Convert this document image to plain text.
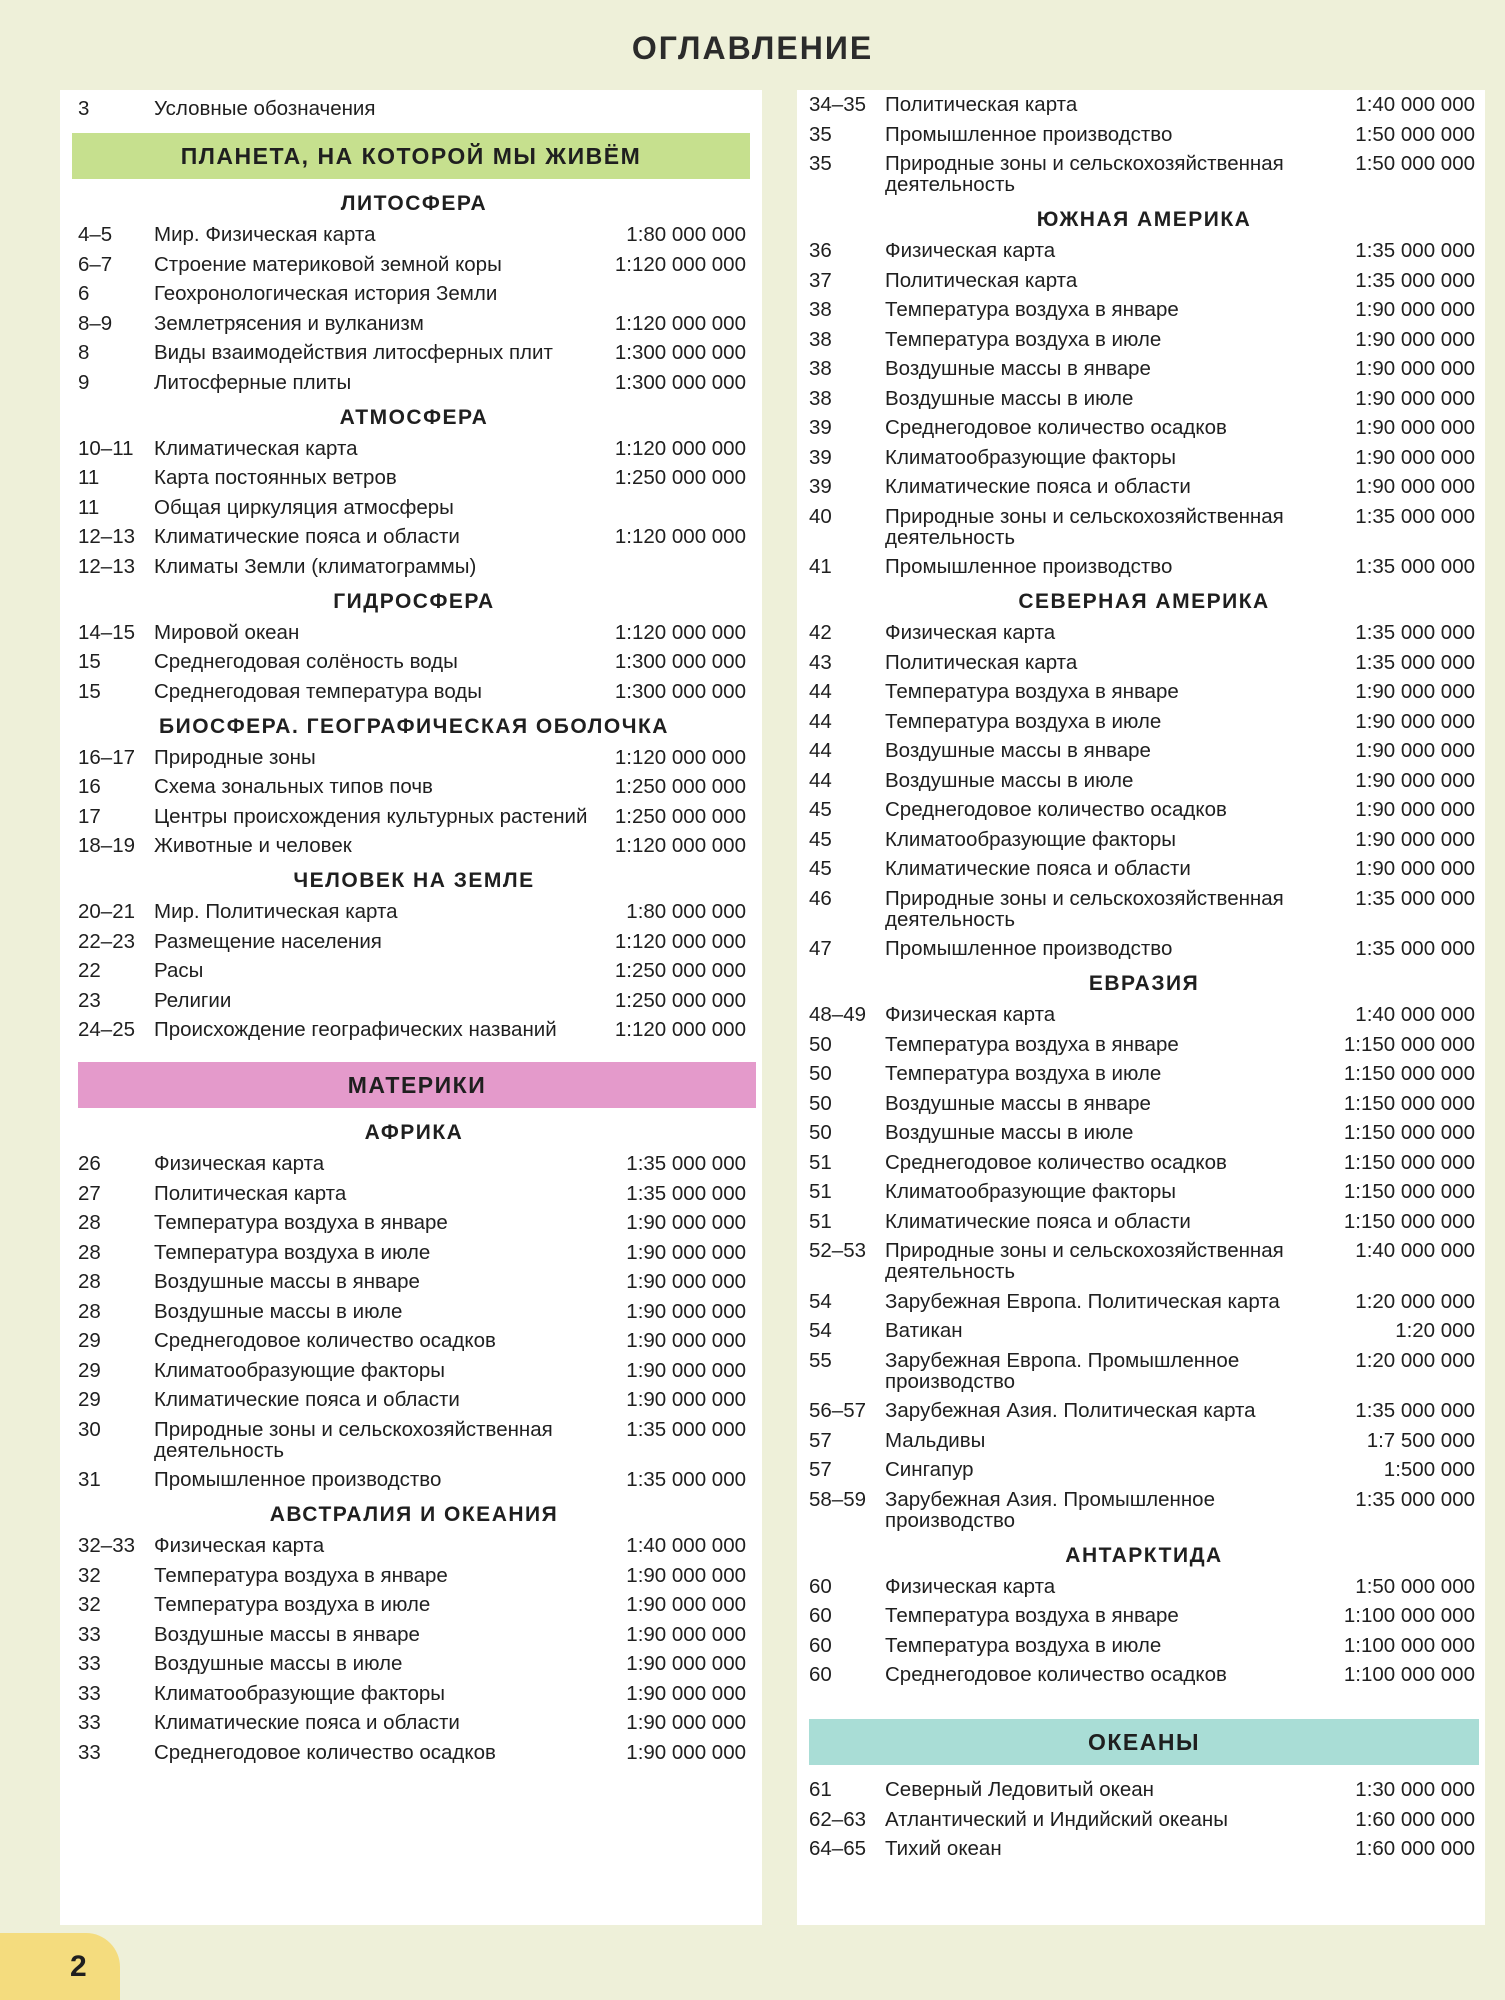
ОГЛАВЛЕНИЕ
3	Условные обозначения
ПЛАНЕТА, НА КОТОРОЙ МЫ ЖИВЁМ
ЛИТОСФЕРА
4–5	Мир. Физическая карта	1:80 000 000
6–7	Строение материковой земной коры	1:120 000 000
6	Геохронологическая история Земли
8–9	Землетрясения и вулканизм	1:120 000 000
8	Виды взаимодействия литосферных плит	1:300 000 000
9	Литосферные плиты	1:300 000 000
АТМОСФЕРА
10–11	Климатическая карта	1:120 000 000
11	Карта постоянных ветров	1:250 000 000
11	Общая циркуляция атмосферы
12–13 Климатические пояса и области	1:120 000 000
12–13 Климаты Земли (климатограммы)
ГИДРОСФЕРА
14–15 Мировой океан	1:120 000 000
15	Среднегодовая солёность воды	1:300 000 000
15	Среднегодовая температура воды	1:300 000 000
БИОСФЕРА. ГЕОГРАФИЧЕСКАЯ ОБОЛОЧКА
16–17 Природные зоны	1:120 000 000
16	Схема зональных типов почв	1:250 000 000
17	Центры происхождения культурных растений	1:250 000 000
18–19 Животные и человек	1:120 000 000
ЧЕЛОВЕК НА ЗЕМЛЕ
20–21 Мир. Политическая карта	1:80 000 000
22–23 Размещение населения	1:120 000 000
22	Расы	1:250 000 000
23	Религии	1:250 000 000
24–25 Происхождение географических названий	1:120 000 000
МАТЕРИКИ
АФРИКА
26	Физическая карта	1:35 000 000
27	Политическая карта	1:35 000 000
28	Температура воздуха в январе	1:90 000 000
28	Температура воздуха в июле	1:90 000 000
28	Воздушные массы в январе	1:90 000 000
28	Воздушные массы в июле	1:90 000 000
29	Среднегодовое количество осадков	1:90 000 000
29	Климатообразующие факторы	1:90 000 000
29	Климатические пояса и области	1:90 000 000
30	Природные зоны и сельскохозяйственная деятельность
1:35 000 000
31	Промышленное производство	1:35 000 000
АВСТРАЛИЯ И ОКЕАНИЯ
32–33 Физическая карта	1:40 000 000
32	Температура воздуха в январе	1:90 000 000
32	Температура воздуха в июле	1:90 000 000
33	Воздушные массы в январе	1:90 000 000
33	Воздушные массы в июле	1:90 000 000
33	Климатообразующие факторы	1:90 000 000
33	Климатические пояса и области	1:90 000 000
33	Среднегодовое количество осадков	1:90 000 000
34–35 Политическая карта	1:40 000 000
35	Промышленное производство	1:50 000 000
35	Природные зоны и сельскохозяйственная деятельность
1:50 000 000
ЮЖНАЯ АМЕРИКА
36	Физическая карта	1:35 000 000
37	Политическая карта	1:35 000 000
38	Температура воздуха в январе	1:90 000 000
38	Температура воздуха в июле	1:90 000 000
38	Воздушные массы в январе	1:90 000 000
38	Воздушные массы в июле	1:90 000 000
39	Среднегодовое количество осадков	1:90 000 000
39	Климатообразующие факторы	1:90 000 000
39	Климатические пояса и области	1:90 000 000
40	Природные зоны и сельскохозяйственная деятельность
1:35 000 000
41	Промышленное производство	1:35 000 000
СЕВЕРНАЯ АМЕРИКА
42	Физическая карта	1:35 000 000
43	Политическая карта	1:35 000 000
44	Температура воздуха в январе	1:90 000 000
44	Температура воздуха в июле	1:90 000 000
44	Воздушные массы в январе	1:90 000 000
44	Воздушные массы в июле	1:90 000 000
45	Среднегодовое количество осадков	1:90 000 000
45	Климатообразующие факторы	1:90 000 000
45	Климатические пояса и области	1:90 000 000
46	Природные зоны и сельскохозяйственная деятельность
1:35 000 000
47	Промышленное производство	1:35 000 000
ЕВРАЗИЯ
48–49 Физическая карта	1:40 000 000
50	Температура воздуха в январе	1:150 000 000
50	Температура воздуха в июле	1:150 000 000
50	Воздушные массы в январе	1:150 000 000
50	Воздушные массы в июле	1:150 000 000
51	Среднегодовое количество осадков	1:150 000 000
51	Климатообразующие факторы	1:150 000 000
51	Климатические пояса и области	1:150 000 000
52–53 Природные зоны и сельскохозяйственная деятельность
1:40 000 000
54	Зарубежная Европа. Политическая карта	1:20 000 000
54	Ватикан	1:20 000
55	Зарубежная Европа. Промышленное производство
1:20 000 000
56–57 Зарубежная Азия. Политическая карта	1:35 000 000
57	Мальдивы	1:7 500 000
57	Сингапур	1:500 000
58–59 Зарубежная Азия. Промышленное производство
1:35 000 000
АНТАРКТИДА
60	Физическая карта	1:50 000 000
60	Температура воздуха в январе	1:100 000 000
60	Температура воздуха в июле	1:100 000 000
60	Среднегодовое количество осадков	1:100 000 000
ОКЕАНЫ
61	Северный Ледовитый океан	1:30 000 000
62–63 Атлантический и Индийский океаны	1:60 000 000
64–65 Тихий океан	1:60 000 000
2
